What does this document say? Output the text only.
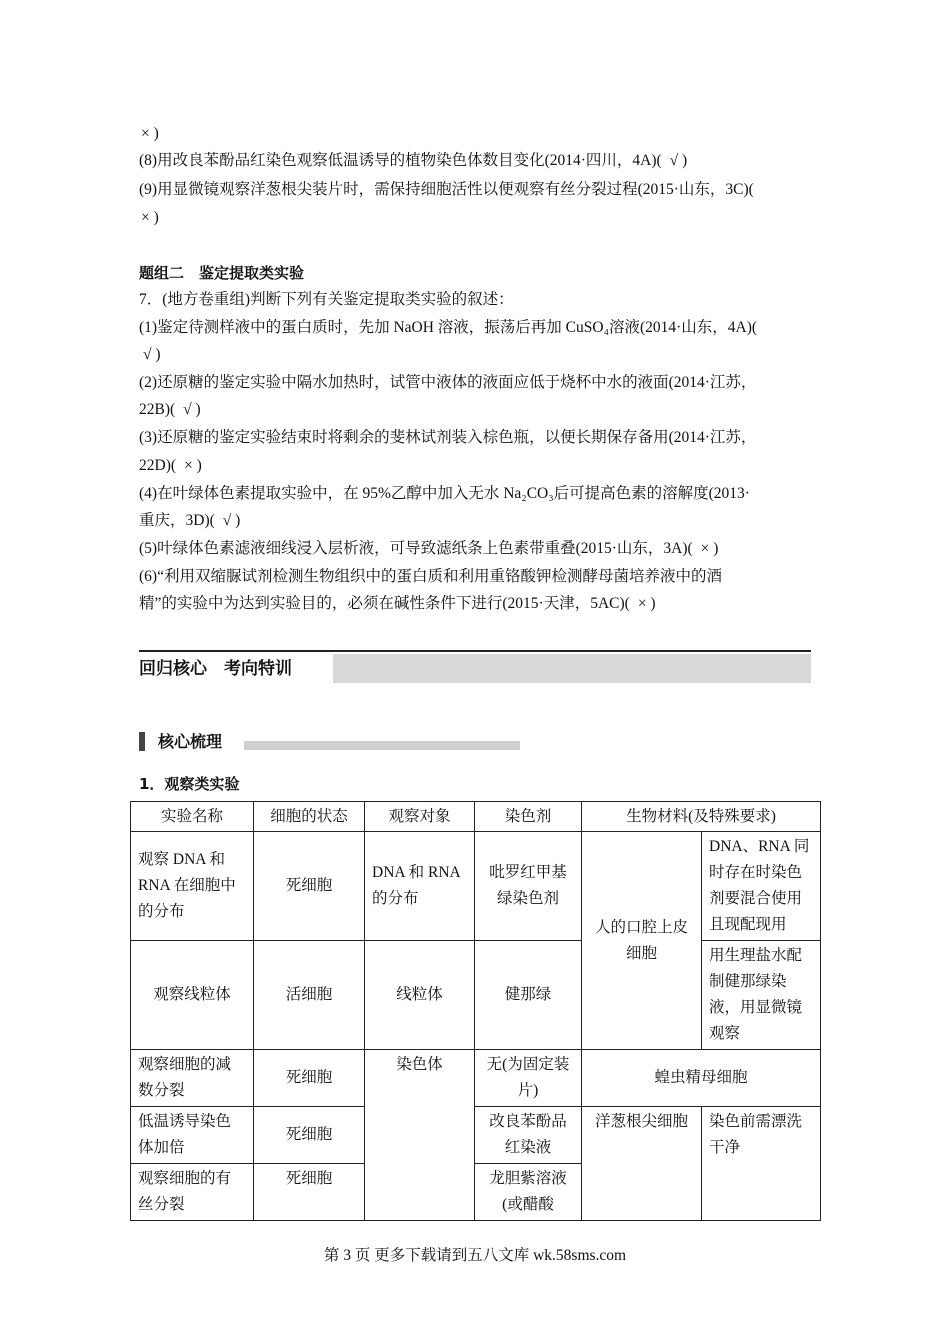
× )
(8)用改良苯酚品红染色观察低温诱导的植物染色体数目变化(2014·四川，4A)( √ )
(9)用显微镜观察洋葱根尖装片时，需保持细胞活性以便观察有丝分裂过程(2015·山东，3C)(
× )
题组二　鉴定提取类实验
7．(地方卷重组)判断下列有关鉴定提取类实验的叙述：
(1)鉴定待测样液中的蛋白质时，先加 NaOH 溶液，振荡后再加 CuSO₄溶液(2014·山东，4A)(
√ )
(2)还原糖的鉴定实验中隔水加热时，试管中液体的液面应低于烧杯中水的液面(2014·江苏，
22B)( √ )
(3)还原糖的鉴定实验结束时将剩余的斐林试剂装入棕色瓶，以便长期保存备用(2014·江苏，
22D)( × )
(4)在叶绿体色素提取实验中，在 95%乙醇中加入无水 Na₂CO₃后可提高色素的溶解度(2013·
重庆，3D)( √ )
(5)叶绿体色素滤液细线浸入层析液，可导致滤纸条上色素带重叠(2015·山东，3A)( × )
(6)“利用双缩脲试剂检测生物组织中的蛋白质和利用重铬酸钾检测酵母菌培养液中的酒
精”的实验中为达到实验目的，必须在碱性条件下进行(2015·天津，5AC)( × )
回归核心　考向特训
核心梳理
1．观察类实验
实验名称	细胞的状态	观察对象	染色剂	生物材料(及特殊要求)	
观察 DNA 和 RNA 在细胞中的分布	死细胞	DNA 和 RNA 的分布	吡罗红甲基绿染色剂	人的口腔上皮细胞	DNA、RNA 同时存在时染色剂要混合使用且现配现用
观察线粒体	活细胞	线粒体	健那绿		用生理盐水配制健那绿染液，用显微镜观察
观察细胞的减数分裂	死细胞	染色体	无(为固定装片)	蝗虫精母细胞	
低温诱导染色体加倍	死细胞		改良苯酚品红染液	洋葱根尖细胞	染色前需漂洗干净
观察细胞的有丝分裂	死细胞		龙胆紫溶液(或醋酸		
第 3 页 更多下载请到五八文库 wk.58sms.com
